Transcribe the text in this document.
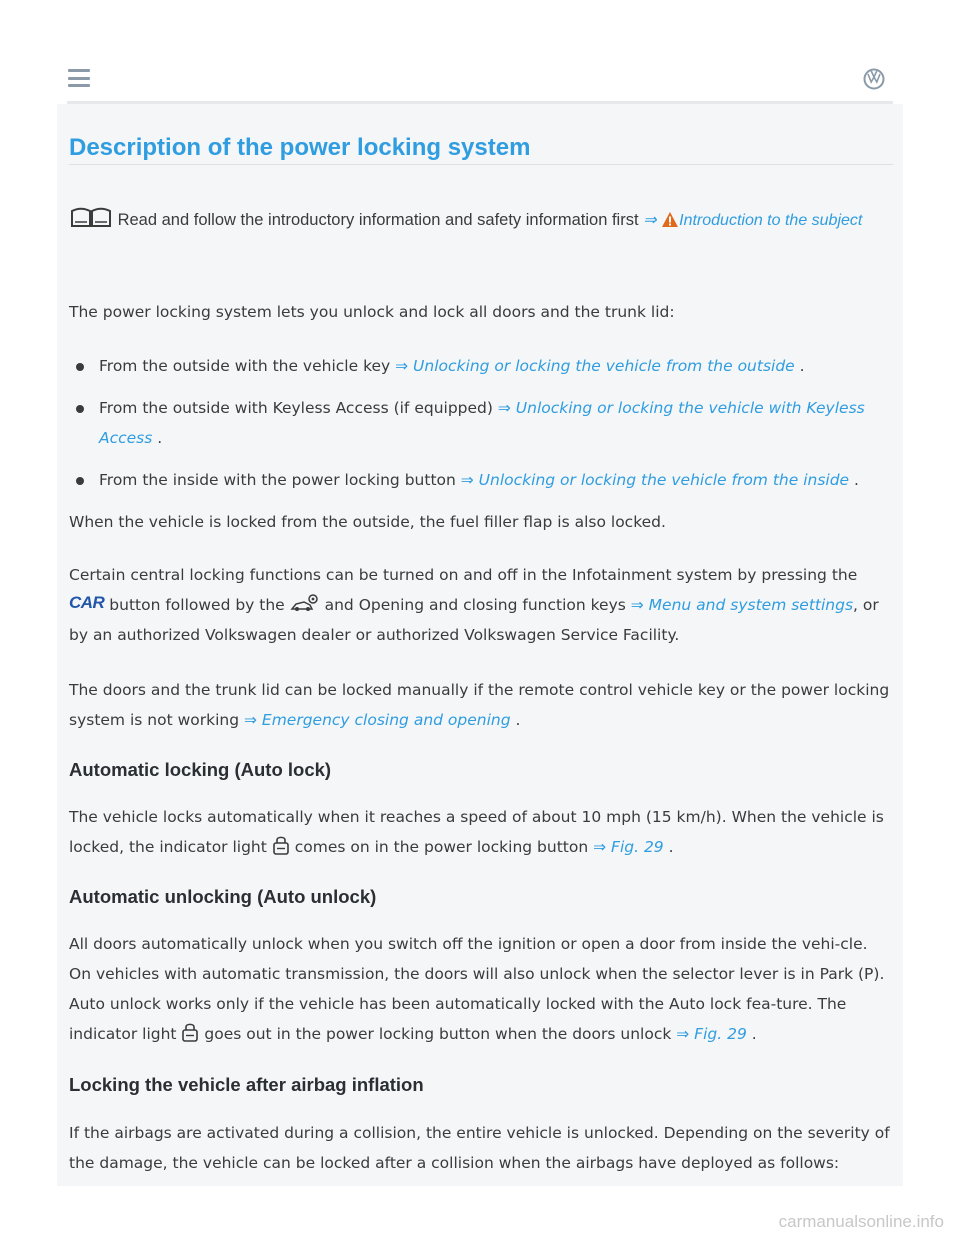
Description of the power locking system

Read and follow the introductory information and safety information first ⇒ Introduction to the subject

The power locking system lets you unlock and lock all doors and the trunk lid:

From the outside with the vehicle key ⇒ Unlocking or locking the vehicle from the outside .
From the outside with Keyless Access (if equipped) ⇒ Unlocking or locking the vehicle with Keyless Access .
From the inside with the power locking button ⇒ Unlocking or locking the vehicle from the inside .

When the vehicle is locked from the outside, the fuel filler flap is also locked.

Certain central locking functions can be turned on and off in the Infotainment system by pressing the CAR button followed by the	and Opening and closing function keys ⇒ Menu and system settings, or by an authorized Volkswagen dealer or authorized Volkswagen Service Facility.

The doors and the trunk lid can be locked manually if the remote control vehicle key or the power locking system is not working ⇒ Emergency closing and opening .

Automatic locking (Auto lock)

The vehicle locks automatically when it reaches a speed of about 10 mph (15 km/h). When the vehicle is locked, the indicator light comes on in the power locking button ⇒ Fig. 29 .

Automatic unlocking (Auto unlock)

All doors automatically unlock when you switch off the ignition or open a door from inside the vehi-cle. On vehicles with automatic transmission, the doors will also unlock when the selector lever is in Park (P). Auto unlock works only if the vehicle has been automatically locked with the Auto lock fea-ture. The indicator light goes out in the power locking button when the doors unlock ⇒ Fig. 29 .

Locking the vehicle after airbag inflation

If the airbags are activated during a collision, the entire vehicle is unlocked. Depending on the severity of the damage, the vehicle can be locked after a collision when the airbags have deployed as follows:

carmanualsonline.info
